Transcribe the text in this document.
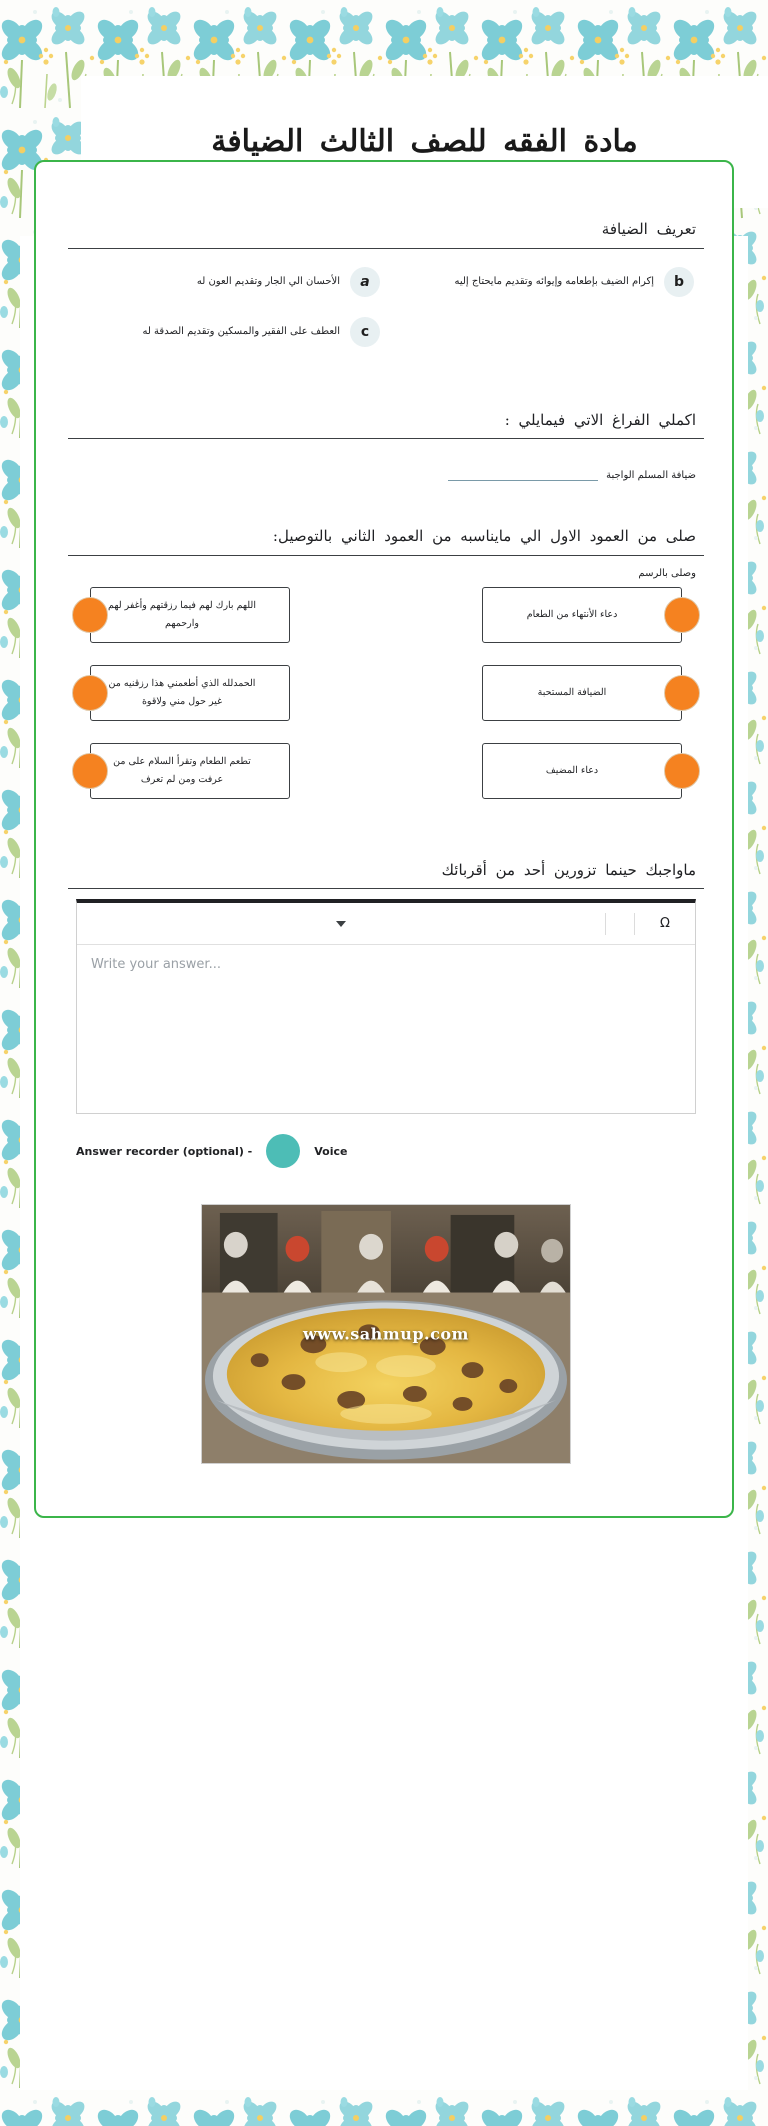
مادة الفقه للصف الثالث الضيافة
تعريف الضيافة
b
إكرام الضيف بإطعامه وإيوائه وتقديم مايحتاج إليه
a
الأحسان الي الجار وتقديم العون له
c
العطف على الفقير والمسكين وتقديم الصدقة له
اكملي الفراغ الاتي فيمايلي :
ضيافة المسلم الواجبة
صلى من العمود الاول الي مايناسبه من العمود الثاني بالتوصيل:
وصلى بالرسم
دعاء الأنتهاء من الطعام
الضيافة المستحبة
دعاء المضيف
اللهم بارك لهم فيما رزقتهم وأغفر لهم وارحمهم
الحمدلله الذي أطعمني هذا رزقنيه من غير حول مني ولاقوة
تطعم الطعام وتقرأ السلام على من عرفت ومن لم تعرف
ماواجبك حينما تزورين أحد من أقربائك
Ω
Write your answer...
Answer recorder (optional) -	Voice
www.sahmup.com
